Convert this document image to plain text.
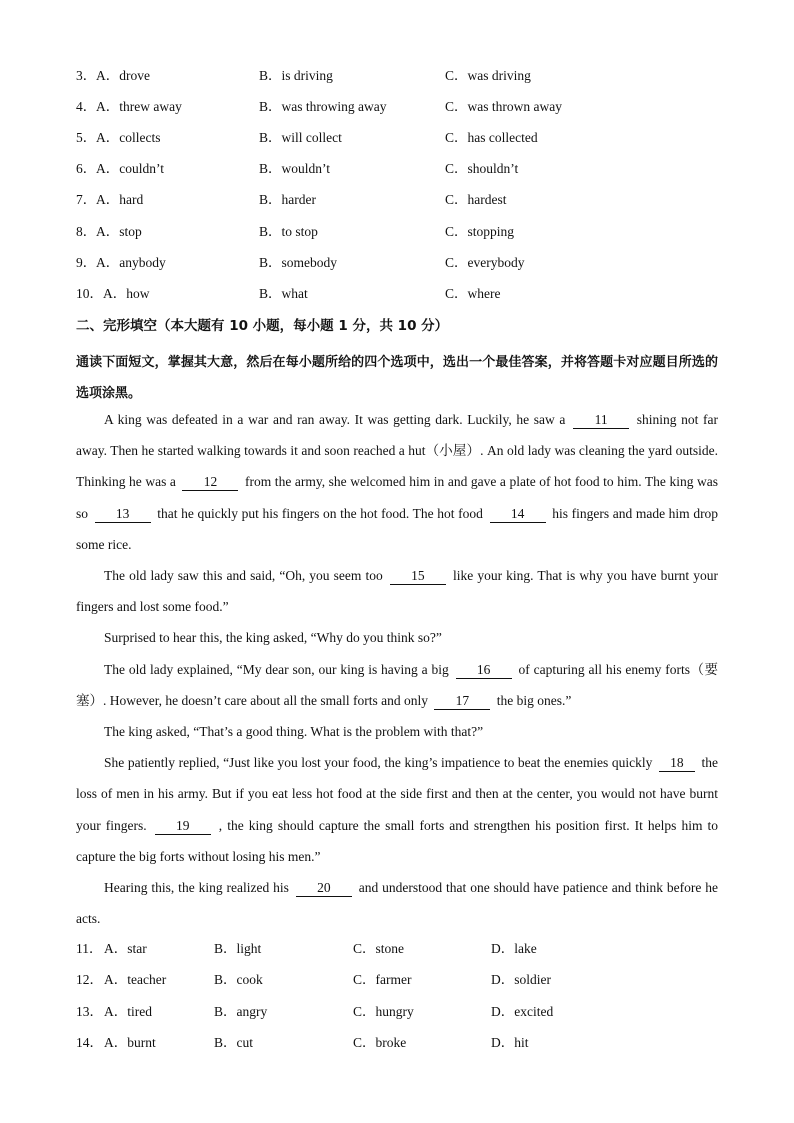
3． A．drove	B．is driving	C．was driving
4． A．threw away	B．was throwing away	C．was thrown away
5． A．collects	B．will collect	C．has collected
6． A．couldn’t	B．wouldn’t	C．shouldn’t
7． A．hard	B．harder	C．hardest
8． A．stop	B．to stop	C．stopping
9． A．anybody	B．somebody	C．everybody
10． A．how	B．what	C．where
二、完形填空（本大题有 10 小题，每小题 1 分，共 10 分）
通读下面短文，掌握其大意，然后在每小题所给的四个选项中，选出一个最佳答案，并将答题卡对应题目所选的选项涂黑。

A king was defeated in a war and ran away. It was getting dark. Luckily, he saw a 11 shining not far away. Then he started walking towards it and soon reached a hut（小屋）. An old lady was cleaning the yard outside. Thinking he was a 12 from the army, she welcomed him in and gave a plate of hot food to him. The king was so 13 that he quickly put his fingers on the hot food. The hot food 14 his fingers and made him drop some rice.

The old lady saw this and said, “Oh, you seem too 15 like your king. That is why you have burnt your fingers and lost some food.”

Surprised to hear this, the king asked, “Why do you think so?”

The old lady explained, “My dear son, our king is having a big 16 of capturing all his enemy forts（要塞）. However, he doesn’t care about all the small forts and only 17 the big ones.”

The king asked, “That’s a good thing. What is the problem with that?”

She patiently replied, “Just like you lost your food, the king’s impatience to beat the enemies quickly 18 the loss of men in his army. But if you eat less hot food at the side first and then at the center, you would not have burnt your fingers. 19 , the king should capture the small forts and strengthen his position first. It helps him to capture the big forts without losing his men.”

Hearing this, the king realized his 20 and understood that one should have patience and think before he acts.

11． A．star	B．light	C．stone	D．lake
12． A．teacher	B．cook	C．farmer	D．soldier
13． A．tired	B．angry	C．hungry	D．excited
14． A．burnt	B．cut	C．broke	D．hit
